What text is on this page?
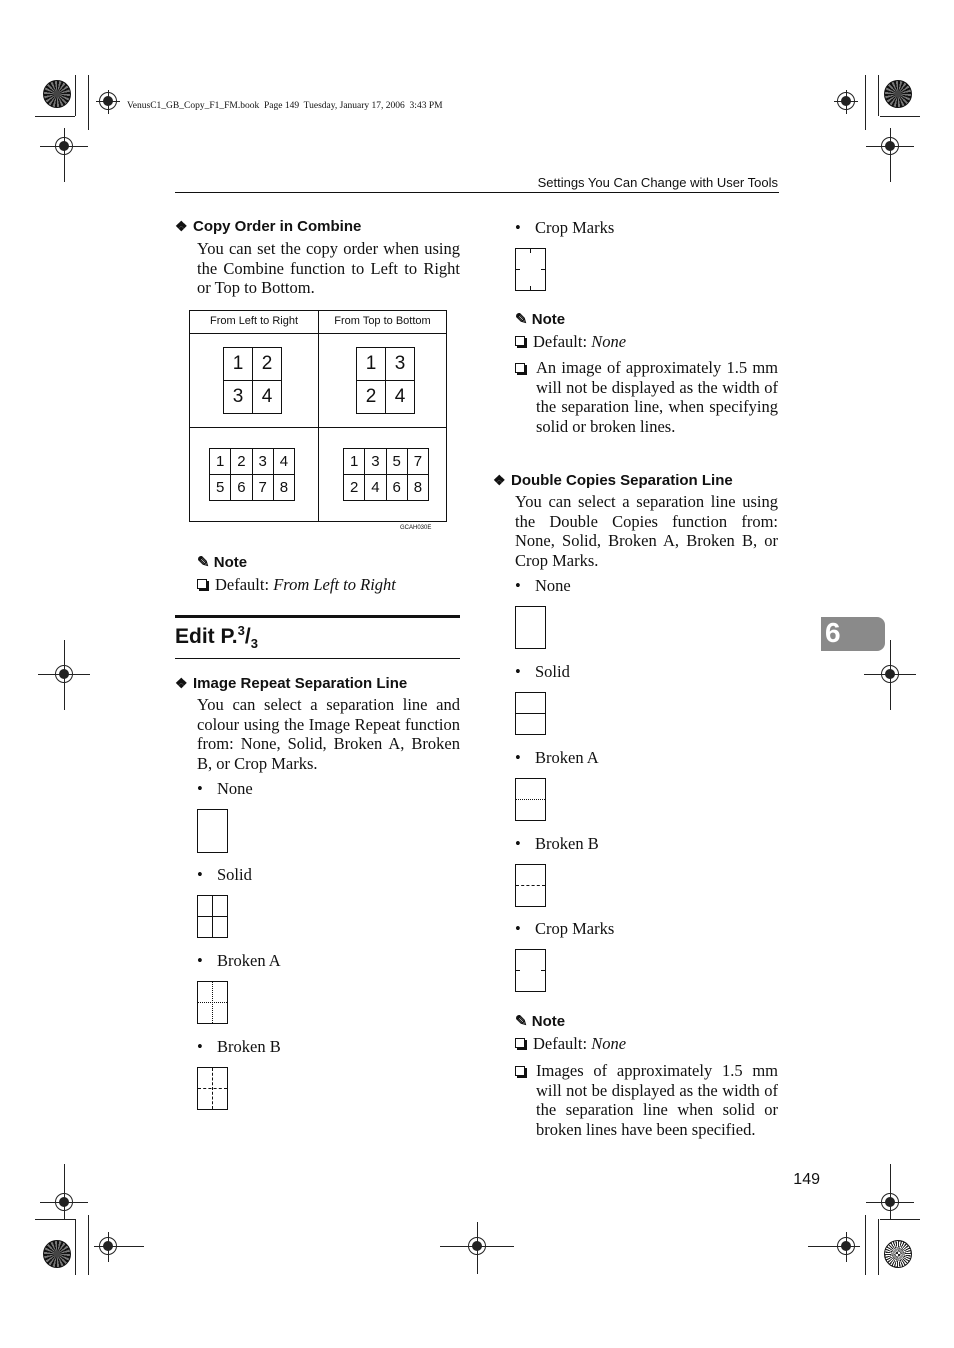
VenusC1_GB_Copy_F1_FM.book  Page 149  Tuesday, January 17, 2006  3:43 PM
Settings You Can Change with User Tools
6
❖ Copy Order in Combine
You can set the copy order when using the Combine function to Left to Right or Top to Bottom.
From Left to Right	From Top to Bottom
1 2
3 4
1 3
2 4
1 2 3 4
5 6 7 8
1 3 5 7
2 4 6 8
GCAH030E
✎ Note
Default: From Left to Right
Edit $P.^3/_3$
❖ Image Repeat Separation Line
You can select a separation line and colour using the Image Repeat function from: None, Solid, Broken A, Broken B, or Crop Marks.
• None
• Solid
• Broken A
• Broken B
• Crop Marks
✎ Note
Default: None
An image of approximately 1.5 mm will not be displayed as the width of the separation line, when specifying solid or broken lines.
❖ Double Copies Separation Line
You can select a separation line using the Double Copies function from: None, Solid, Broken A, Broken B, or Crop Marks.
• None
• Solid
• Broken A
• Broken B
• Crop Marks
✎ Note
Default: None
Images of approximately 1.5 mm will not be displayed as the width of the separation line when solid or broken lines have been specified.
149
